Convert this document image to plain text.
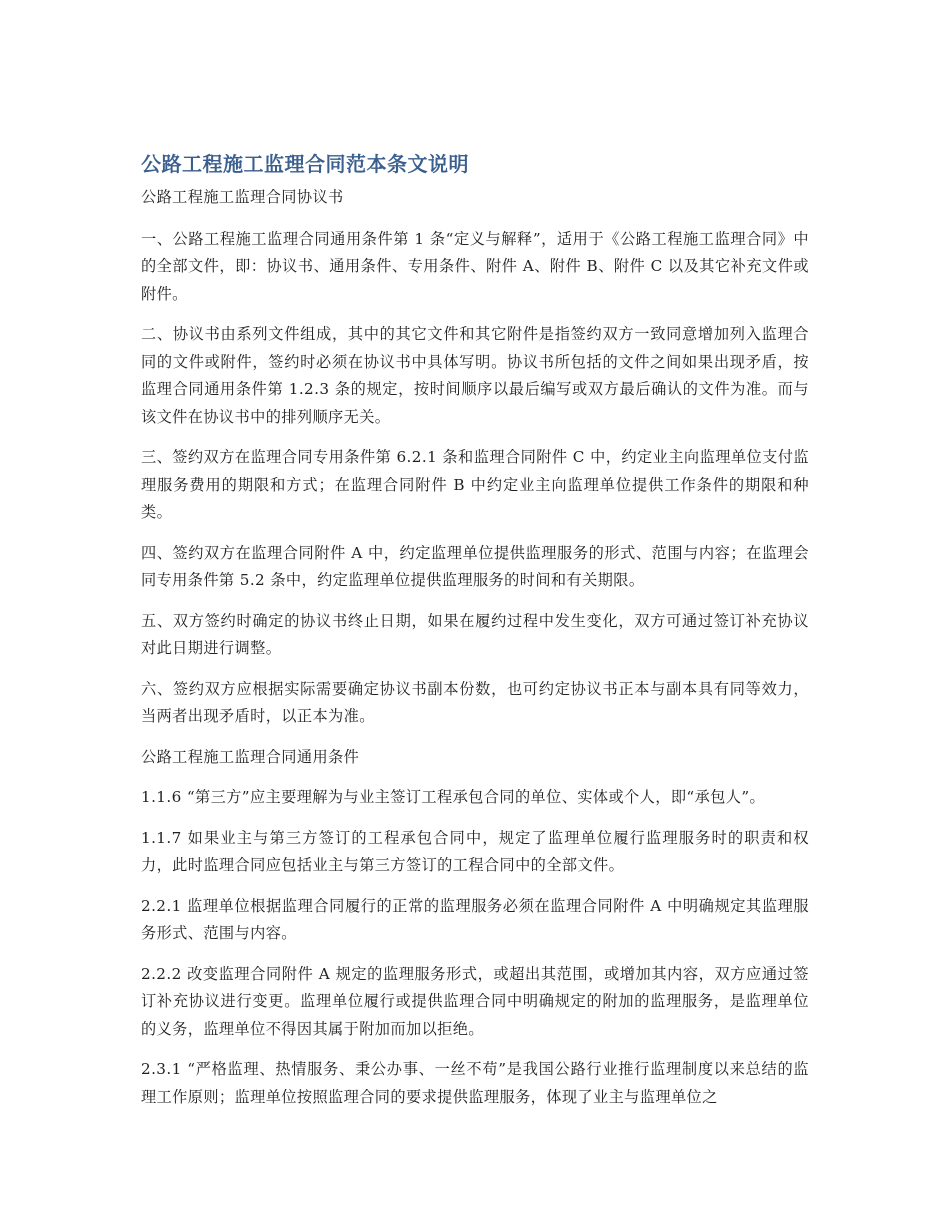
公路工程施工监理合同范本条文说明
公路工程施工监理合同协议书

一、公路工程施工监理合同通用条件第 1 条“定义与解释”，适用于《公路工程施工监理合同》中的全部文件，即：协议书、通用条件、专用条件、附件 A、附件 B、附件 C 以及其它补充文件或附件。

二、协议书由系列文件组成，其中的其它文件和其它附件是指签约双方一致同意增加列入监理合同的文件或附件，签约时必须在协议书中具体写明。协议书所包括的文件之间如果出现矛盾，按监理合同通用条件第 1.2.3 条的规定，按时间顺序以最后编写或双方最后确认的文件为准。而与该文件在协议书中的排列顺序无关。

三、签约双方在监理合同专用条件第 6.2.1 条和监理合同附件 C 中，约定业主向监理单位支付监理服务费用的期限和方式；在监理合同附件 B 中约定业主向监理单位提供工作条件的期限和种类。

四、签约双方在监理合同附件 A 中，约定监理单位提供监理服务的形式、范围与内容；在监理会同专用条件第 5.2 条中，约定监理单位提供监理服务的时间和有关期限。

五、双方签约时确定的协议书终止日期，如果在履约过程中发生变化，双方可通过签订补充协议对此日期进行调整。

六、签约双方应根据实际需要确定协议书副本份数，也可约定协议书正本与副本具有同等效力，当两者出现矛盾时，以正本为准。

公路工程施工监理合同通用条件

1.1.6 “第三方”应主要理解为与业主签订工程承包合同的单位、实体或个人，即“承包人”。

1.1.7 如果业主与第三方签订的工程承包合同中，规定了监理单位履行监理服务时的职责和权力，此时监理合同应包括业主与第三方签订的工程合同中的全部文件。

2.2.1 监理单位根据监理合同履行的正常的监理服务必须在监理合同附件 A 中明确规定其监理服务形式、范围与内容。

2.2.2 改变监理合同附件 A 规定的监理服务形式，或超出其范围，或增加其内容，双方应通过签订补充协议进行变更。监理单位履行或提供监理合同中明确规定的附加的监理服务，是监理单位的义务，监理单位不得因其属于附加而加以拒绝。

2.3.1 “严格监理、热情服务、秉公办事、一丝不苟”是我国公路行业推行监理制度以来总结的监理工作原则；监理单位按照监理合同的要求提供监理服务，体现了业主与监理单位之
